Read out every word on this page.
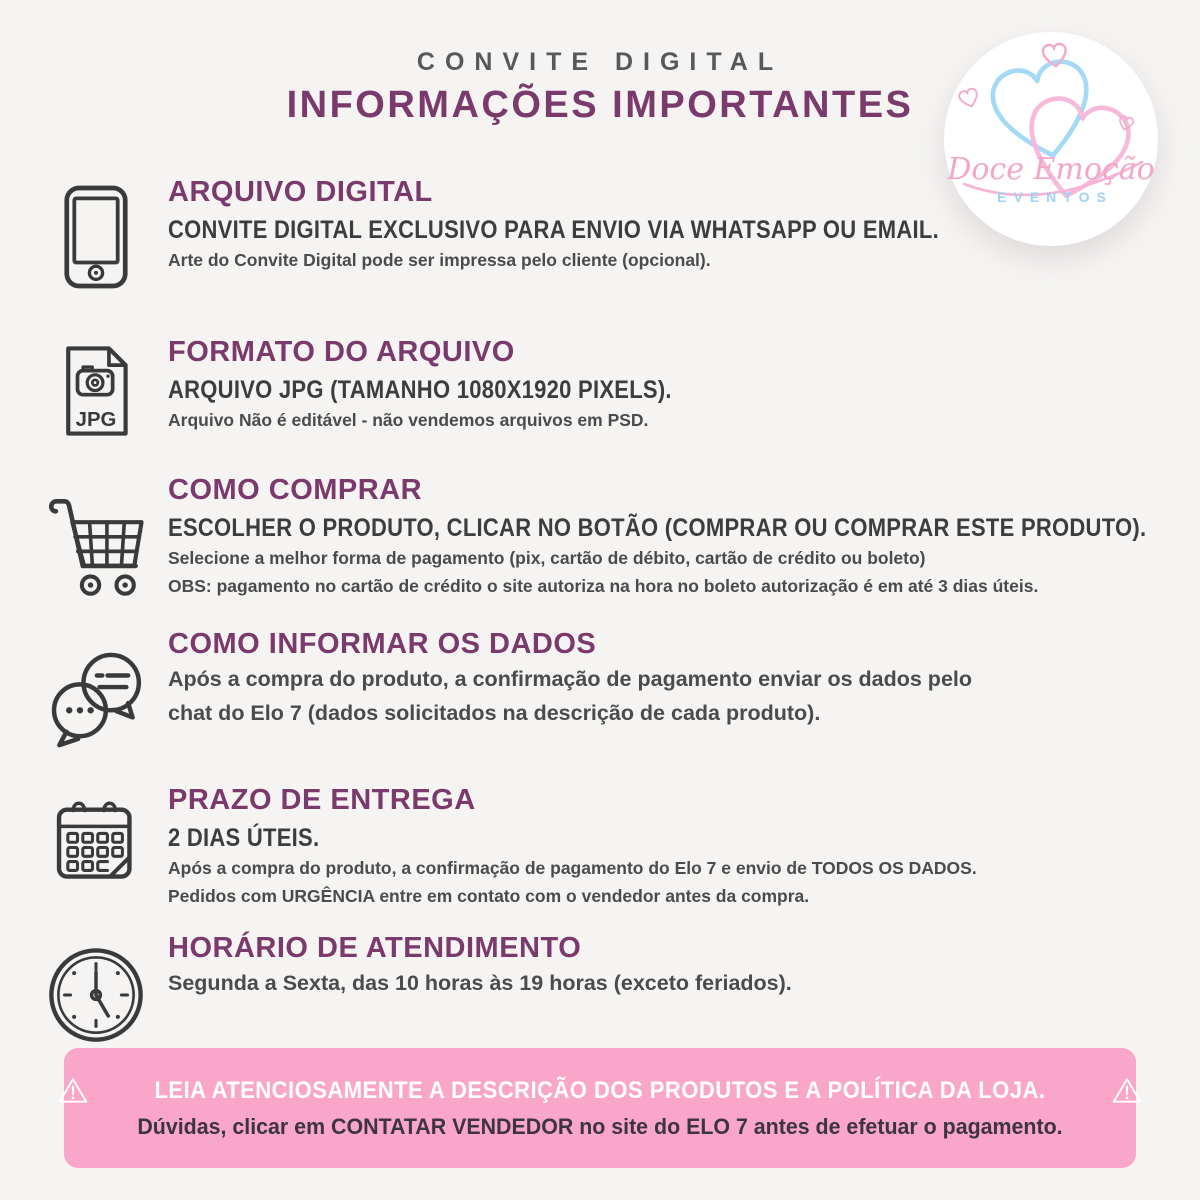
CONVITE DIGITAL
INFORMAÇÕES IMPORTANTES
Doce Emoção
EVENTOS
ARQUIVO DIGITAL
CONVITE DIGITAL EXCLUSIVO PARA ENVIO VIA WHATSAPP OU EMAIL.
Arte do Convite Digital pode ser impressa pelo cliente (opcional).
JPG
FORMATO DO ARQUIVO
ARQUIVO JPG (TAMANHO 1080X1920 PIXELS).
Arquivo Não é editável - não vendemos arquivos em PSD.
COMO COMPRAR
ESCOLHER O PRODUTO, CLICAR NO BOTÃO (COMPRAR OU COMPRAR ESTE PRODUTO).
Selecione a melhor forma de pagamento (pix, cartão de débito, cartão de crédito ou boleto)
OBS: pagamento no cartão de crédito o site autoriza na hora no boleto autorização é em até 3 dias úteis.
COMO INFORMAR OS DADOS
Após a compra do produto, a confirmação de pagamento enviar os dados pelo
chat do Elo 7 (dados solicitados na descrição de cada produto).
PRAZO DE ENTREGA
2 DIAS ÚTEIS.
Após a compra do produto, a confirmação de pagamento do Elo 7 e envio de TODOS OS DADOS.
Pedidos com URGÊNCIA entre em contato com o vendedor antes da compra.
HORÁRIO DE ATENDIMENTO
Segunda a Sexta, das 10 horas às 19 horas (exceto feriados).
LEIA ATENCIOSAMENTE A DESCRIÇÃO DOS PRODUTOS E A POLÍTICA DA LOJA.
Dúvidas, clicar em CONTATAR VENDEDOR no site do ELO 7 antes de efetuar o pagamento.
